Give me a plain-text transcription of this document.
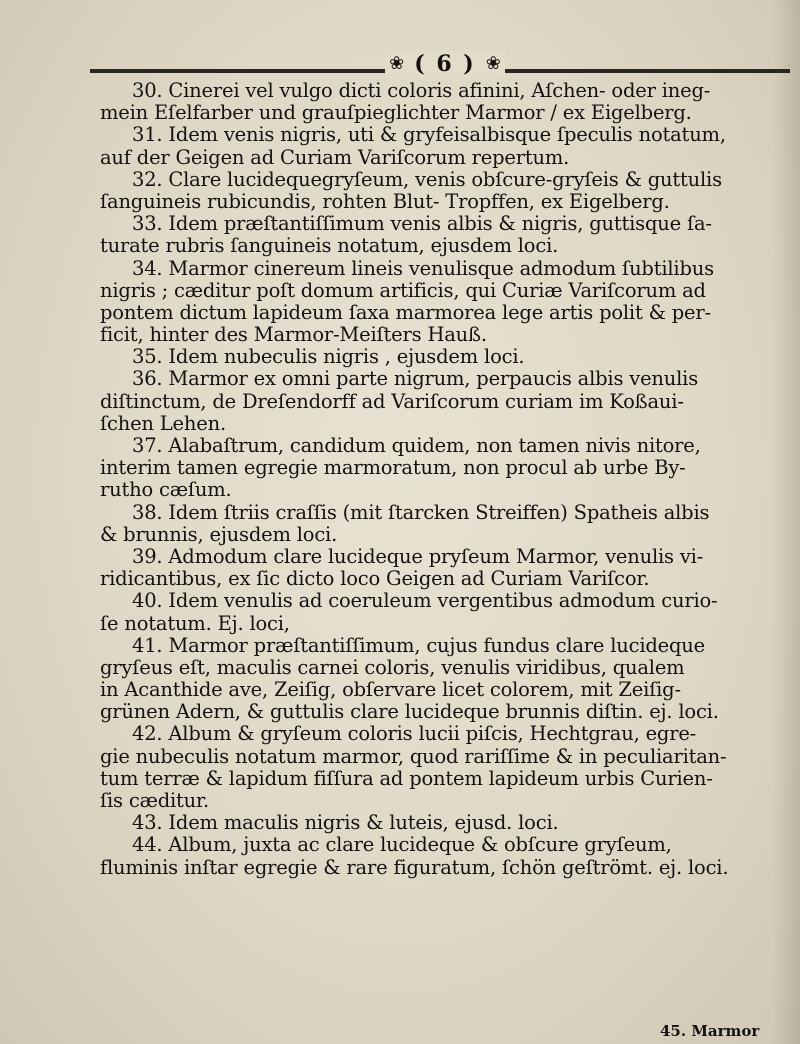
❀ ( 6 ) ❀
30. Cinerei vel vulgo dicti coloris afinini, Aſchen- oder ineg-
mein Eſelfarber und grauſpieglichter Marmor / ex Eigelberg.
31. Idem venis nigris, uti & gryfeisalbisque ſpeculis notatum,
auf der Geigen ad Curiam Variſcorum repertum.
32. Clare lucidequegryſeum, venis obſcure-gryſeis & guttulis
ſanguineis rubicundis, rohten Blut- Tropffen, ex Eigelberg.
33. Idem præſtantiſſimum venis albis & nigris, guttisque ſa-
turate rubris ſanguineis notatum, ejusdem loci.
34. Marmor cinereum lineis venulisque admodum ſubtilibus
nigris ; cæditur poſt domum artificis, qui Curiæ Variſcorum ad
pontem dictum lapideum ſaxa marmorea lege artis polit & per-
ficit, hinter des Marmor-Meiſters Hauß.
35. Idem nubeculis nigris , ejusdem loci.
36. Marmor ex omni parte nigrum, perpaucis albis venulis
diſtinctum, de Dreſendorff ad Variſcorum curiam im Koßaui-
ſchen Lehen.
37. Alabaſtrum, candidum quidem, non tamen nivis nitore,
interim tamen egregie marmoratum, non procul ab urbe By-
rutho cæſum.
38. Idem ſtriis craſſis (mit ſtarcken Streiffen) Spatheis albis
& brunnis, ejusdem loci.
39. Admodum clare lucideque pryſeum Marmor, venulis vi-
ridicantibus, ex ſic dicto loco Geigen ad Curiam Variſcor.
40. Idem venulis ad coeruleum vergentibus admodum curio-
ſe notatum. Ej. loci,
41. Marmor præſtantiſſimum, cujus fundus clare lucideque
gryſeus eſt, maculis carnei coloris, venulis viridibus, qualem
in Acanthide ave, Zeiſig, obſervare licet colorem, mit Zeiſig-
grünen Adern, & guttulis clare lucideque brunnis diſtin. ej. loci.
42. Album & gryſeum coloris lucii piſcis, Hechtgrau, egre-
gie nubeculis notatum marmor, quod rariſſime & in peculiaritan-
tum terræ & lapidum fiſſura ad pontem lapideum urbis Curien-
ſis cæditur.
43. Idem maculis nigris & luteis, ejusd. loci.
44. Album, juxta ac clare lucideque & obſcure gryſeum,
fluminis inſtar egregie & rare figuratum, ſchön geſtrömt. ej. loci.
45. Marmor
